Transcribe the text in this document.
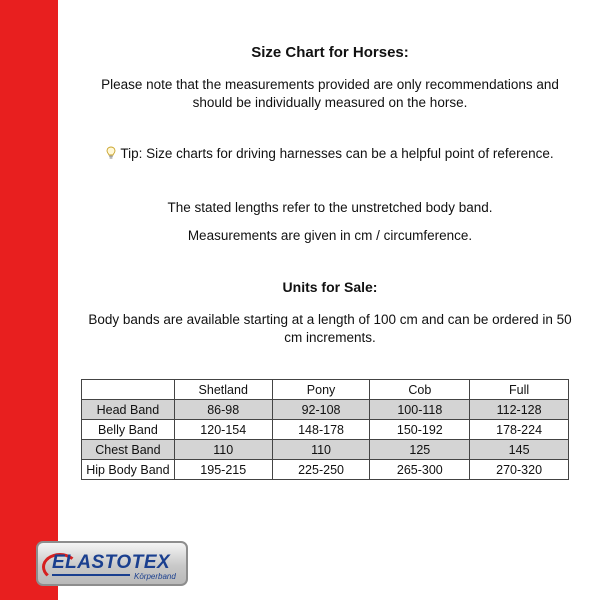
Size Chart for Horses:
Please note that the measurements provided are only recommendations and should be individually measured on the horse.
Tip: Size charts for driving harnesses can be a helpful point of reference.
The stated lengths refer to the unstretched body band.
Measurements are given in cm / circumference.
Units for Sale:
Body bands are available starting at a length of 100 cm and can be ordered in 50 cm increments.
	Shetland	Pony	Cob	Full
Head Band	86-98	92-108	100-118	112-128
Belly Band	120-154	148-178	150-192	178-224
Chest Band	110	110	125	145
Hip Body Band	195-215	225-250	265-300	270-320
ELASTOTEX
Körperband
